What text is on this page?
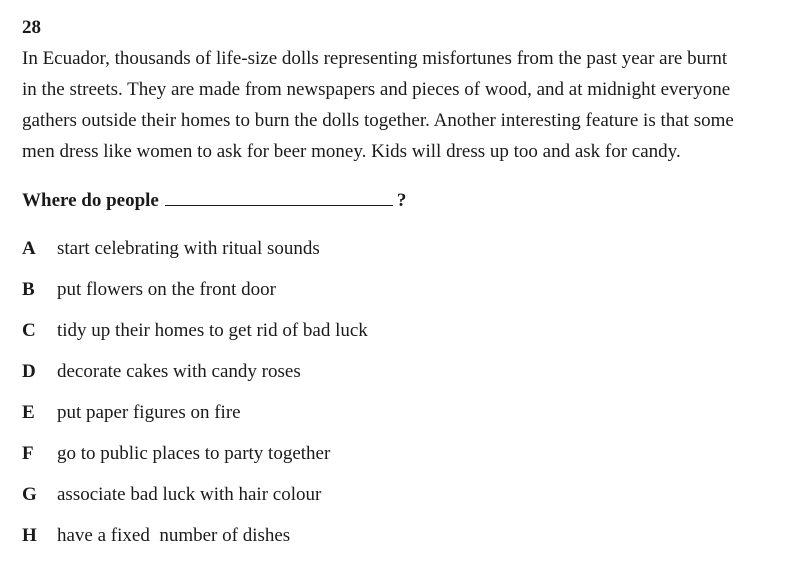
28
In Ecuador, thousands of life-size dolls representing misfortunes from the past year are burnt
in the streets. They are made from newspapers and pieces of wood, and at midnight everyone
gathers outside their homes to burn the dolls together. Another interesting feature is that some
men dress like women to ask for beer money. Kids will dress up too and ask for candy.
Where do people	?
A start celebrating with ritual sounds
B put flowers on the front door
C tidy up their homes to get rid of bad luck
D decorate cakes with candy roses
E put paper figures on fire
F go to public places to party together
G associate bad luck with hair colour
H have a fixed  number of dishes
